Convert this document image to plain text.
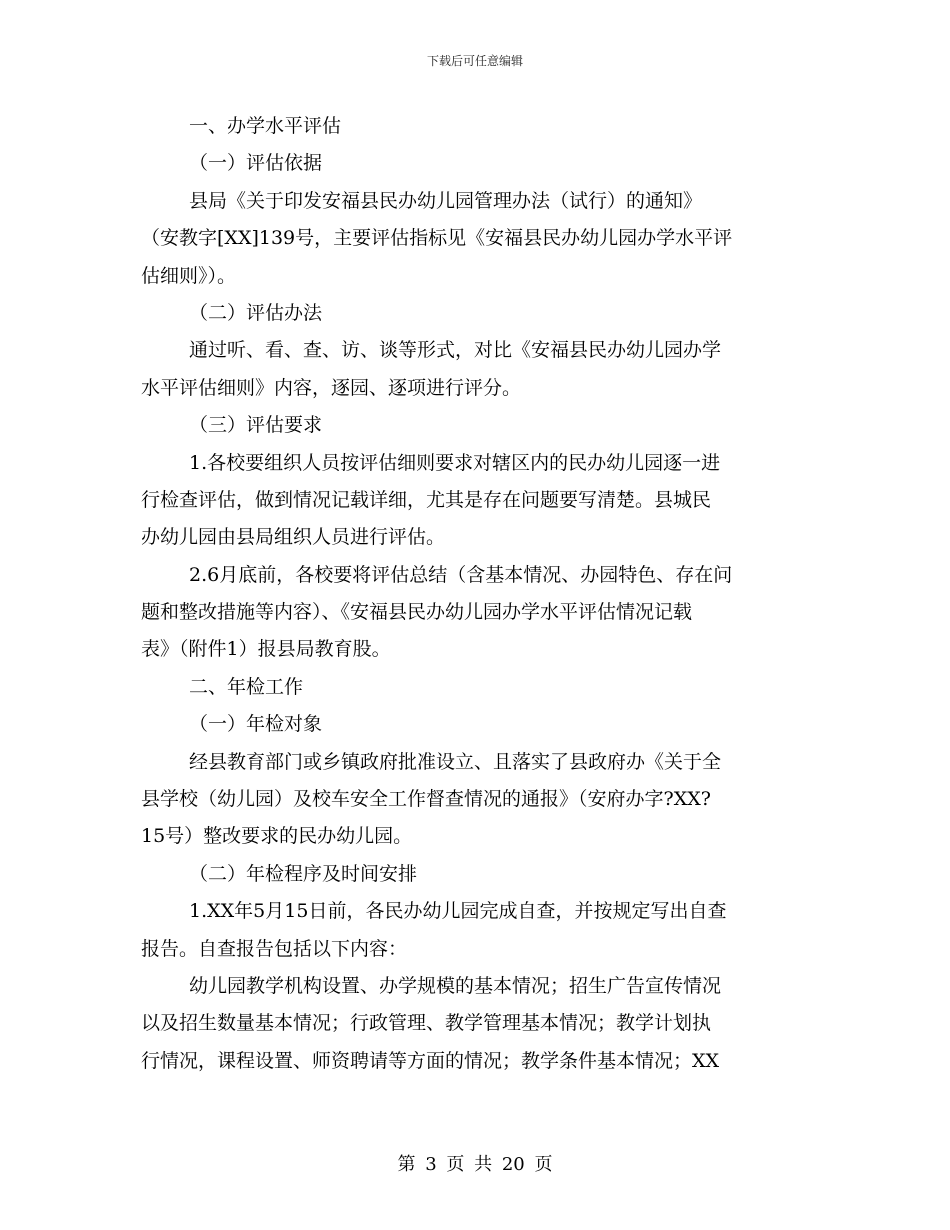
下载后可任意编辑
一、办学水平评估
（一）评估依据
县局《关于印发安福县民办幼儿园管理办法（试行）的通知》
（安教字[XX]139号，主要评估指标见《安福县民办幼儿园办学水平评
估细则》）。
（二）评估办法
通过听、看、查、访、谈等形式，对比《安福县民办幼儿园办学
水平评估细则》内容，逐园、逐项进行评分。
（三）评估要求
1.各校要组织人员按评估细则要求对辖区内的民办幼儿园逐一进
行检查评估，做到情况记载详细，尤其是存在问题要写清楚。县城民
办幼儿园由县局组织人员进行评估。
2.6月底前，各校要将评估总结（含基本情况、办园特色、存在问
题和整改措施等内容）、《安福县民办幼儿园办学水平评估情况记载
表》（附件1）报县局教育股。
二、年检工作
（一）年检对象
经县教育部门或乡镇政府批准设立、且落实了县政府办《关于全
县学校（幼儿园）及校车安全工作督查情况的通报》（安府办字?XX?
15号）整改要求的民办幼儿园。
（二）年检程序及时间安排
1.XX年5月15日前，各民办幼儿园完成自查，并按规定写出自查
报告。自查报告包括以下内容：
幼儿园教学机构设置、办学规模的基本情况；招生广告宣传情况
以及招生数量基本情况；行政管理、教学管理基本情况；教学计划执
行情况，课程设置、师资聘请等方面的情况；教学条件基本情况；XX
第 3 页 共 20 页
